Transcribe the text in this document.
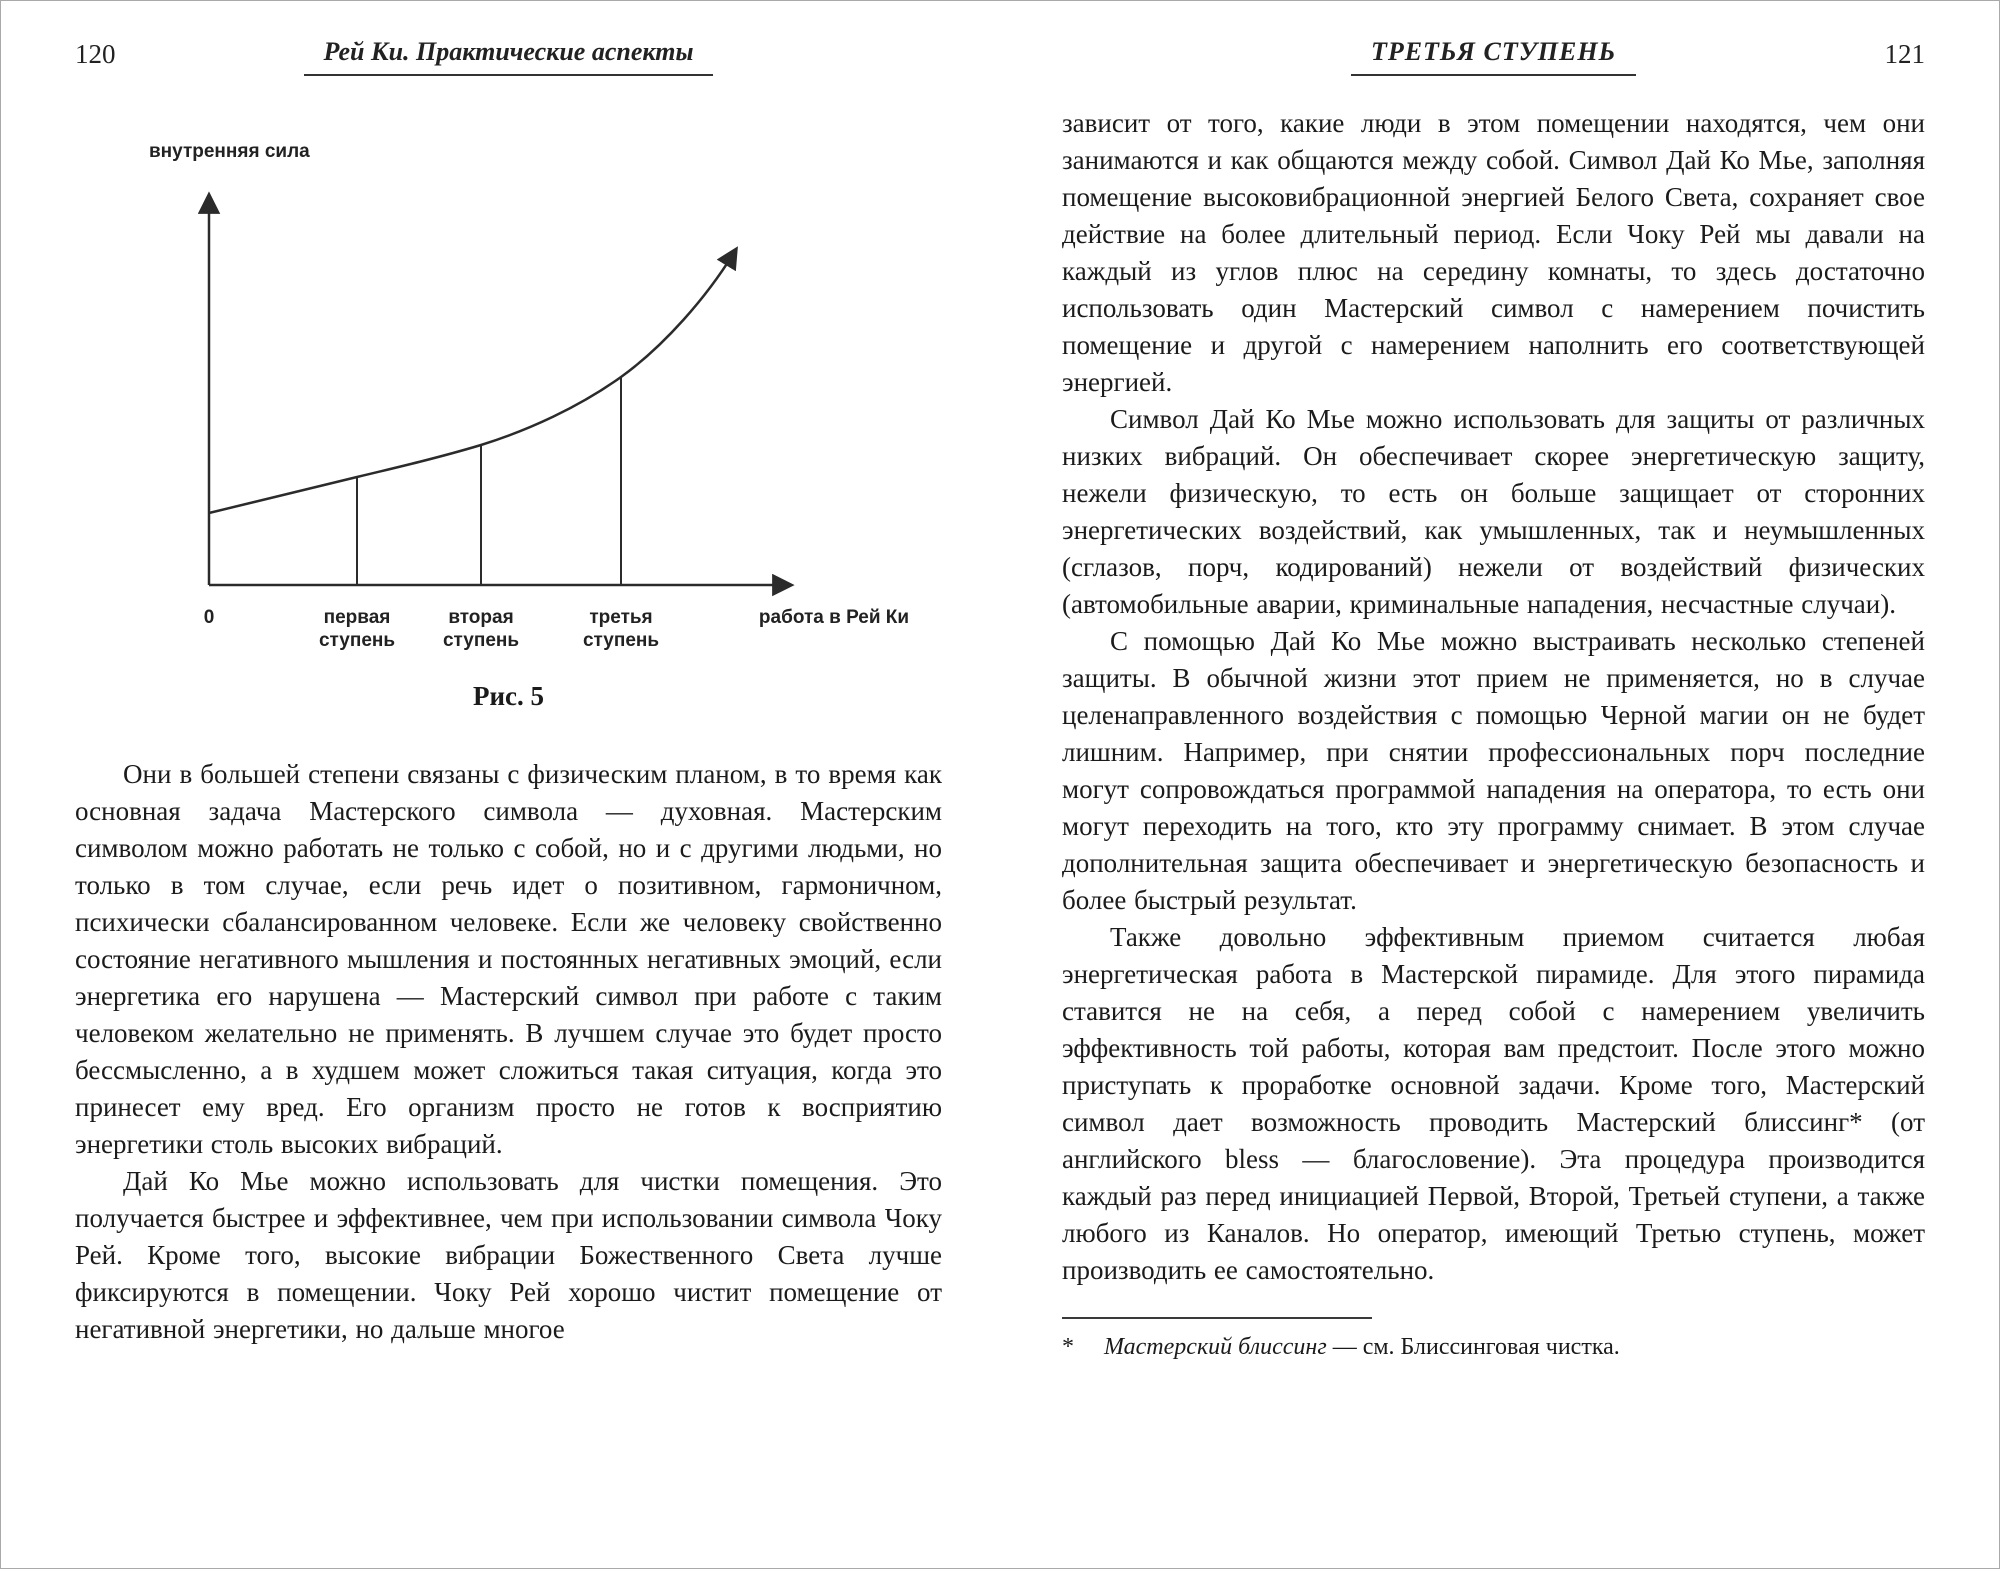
120	Рей Ки. Практические аспекты
внутренняя сила
0	первая
ступень
вторая
ступень
третья
ступень
работа в Рей Ки
Рис. 5

Они в большей степени связаны с физическим планом, в то время как основная задача Мастерского символа — духовная. Мастерским символом можно работать не только с собой, но и с другими людьми, но только в том случае, если речь идет о позитивном, гармоничном, психически сбалансированном человеке. Если же человеку свойственно состояние негативного мышления и постоянных негативных эмоций, если энергетика его нарушена — Мастерский символ при работе с таким человеком желательно не применять. В лучшем случае это будет просто бессмысленно, а в худшем может сложиться такая ситуация, когда это принесет ему вред. Его организм просто не готов к восприятию энергетики столь высоких вибраций.

Дай Ко Мье можно использовать для чистки помещения. Это получается быстрее и эффективнее, чем при использовании символа Чоку Рей. Кроме того, высокие вибрации Божественного Света лучше фиксируются в помещении. Чоку Рей хорошо чистит помещение от негативной энергетики, но дальше многое

ТРЕТЬЯ СТУПЕНЬ	121

зависит от того, какие люди в этом помещении находятся, чем они занимаются и как общаются между собой. Символ Дай Ко Мье, заполняя помещение высоковибрационной энергией Белого Света, сохраняет свое действие на более длительный период. Если Чоку Рей мы давали на каждый из углов плюс на середину комнаты, то здесь достаточно использовать один Мастерский символ с намерением почистить помещение и другой с намерением наполнить его соответствующей энергией.

Символ Дай Ко Мье можно использовать для защиты от различных низких вибраций. Он обеспечивает скорее энергетическую защиту, нежели физическую, то есть он больше защищает от сторонних энергетических воздействий, как умышленных, так и неумышленных (сглазов, порч, кодирований) нежели от воздействий физических (автомобильные аварии, криминальные нападения, несчастные случаи).

С помощью Дай Ко Мье можно выстраивать несколько степеней защиты. В обычной жизни этот прием не применяется, но в случае целенаправленного воздействия с помощью Черной магии он не будет лишним. Например, при снятии профессиональных порч последние могут сопровождаться программой нападения на оператора, то есть они могут переходить на того, кто эту программу снимает. В этом случае дополнительная защита обеспечивает и энергетическую безопасность и более быстрый результат.

Также довольно эффективным приемом считается любая энергетическая работа в Мастерской пирамиде. Для этого пирамида ставится не на себя, а перед собой с намерением увеличить эффективность той работы, которая вам предстоит. После этого можно приступать к проработке основной задачи. Кроме того, Мастерский символ дает возможность проводить Мастерский блиссинг* (от английского bless — благословение). Эта процедура производится каждый раз перед инициацией Первой, Второй, Третьей ступени, а также любого из Каналов. Но оператор, имеющий Третью ступень, может производить ее самостоятельно.

* Мастерский блиссинг — см. Блиссинговая чистка.
